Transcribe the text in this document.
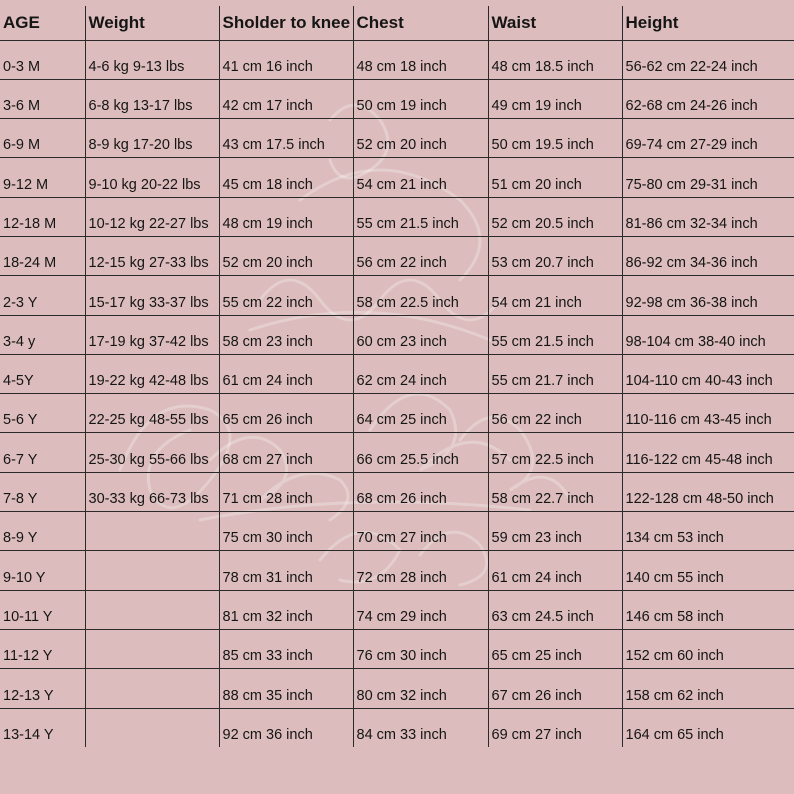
AGE	Weight	Sholder to knee	Chest	Waist	Height
0-3 M	4-6 kg 9-13 lbs	41 cm 16 inch	48 cm 18 inch	48 cm 18.5 inch	56-62 cm 22-24 inch
3-6 M	6-8 kg 13-17 lbs	42 cm 17 inch	50 cm 19 inch	49 cm 19 inch	62-68 cm 24-26 inch
6-9 M	8-9 kg 17-20 lbs	43 cm 17.5 inch	52 cm 20 inch	50 cm 19.5 inch	69-74 cm 27-29 inch
9-12 M	9-10 kg 20-22 lbs	45 cm 18 inch	54 cm 21 inch	51 cm 20 inch	75-80 cm 29-31 inch
12-18 M	10-12 kg 22-27 lbs	48 cm 19 inch	55 cm 21.5 inch	52 cm 20.5 inch	81-86 cm 32-34 inch
18-24 M	12-15 kg 27-33 lbs	52 cm 20 inch	56 cm 22 inch	53 cm 20.7 inch	86-92 cm 34-36 inch
2-3 Y	15-17 kg 33-37 lbs	55 cm 22 inch	58 cm 22.5 inch	54 cm 21 inch	92-98 cm 36-38 inch
3-4 y	17-19 kg 37-42 lbs	58 cm 23 inch	60 cm 23 inch	55 cm 21.5 inch	98-104 cm 38-40 inch
4-5Y	19-22 kg 42-48 lbs	61 cm 24 inch	62 cm 24 inch	55 cm 21.7 inch	104-110 cm 40-43 inch
5-6 Y	22-25 kg 48-55 lbs	65 cm 26 inch	64 cm 25 inch	56 cm 22 inch	110-116 cm 43-45 inch
6-7 Y	25-30 kg 55-66 lbs	68 cm 27 inch	66 cm 25.5 inch	57 cm 22.5 inch	116-122 cm 45-48 inch
7-8 Y	30-33 kg 66-73 lbs	71 cm 28 inch	68 cm 26 inch	58 cm 22.7 inch	122-128 cm 48-50 inch
8-9 Y		75 cm 30 inch	70 cm 27 inch	59 cm 23 inch	134 cm 53 inch
9-10 Y		78 cm 31 inch	72 cm 28 inch	61 cm 24 inch	140 cm 55 inch
10-11 Y		81 cm 32 inch	74 cm 29 inch	63 cm 24.5 inch	146 cm 58 inch
11-12 Y		85 cm 33 inch	76 cm 30 inch	65 cm 25 inch	152 cm 60 inch
12-13 Y		88 cm 35 inch	80 cm 32 inch	67 cm 26 inch	158 cm 62 inch
13-14 Y		92 cm 36 inch	84 cm 33 inch	69 cm 27 inch	164 cm 65 inch
